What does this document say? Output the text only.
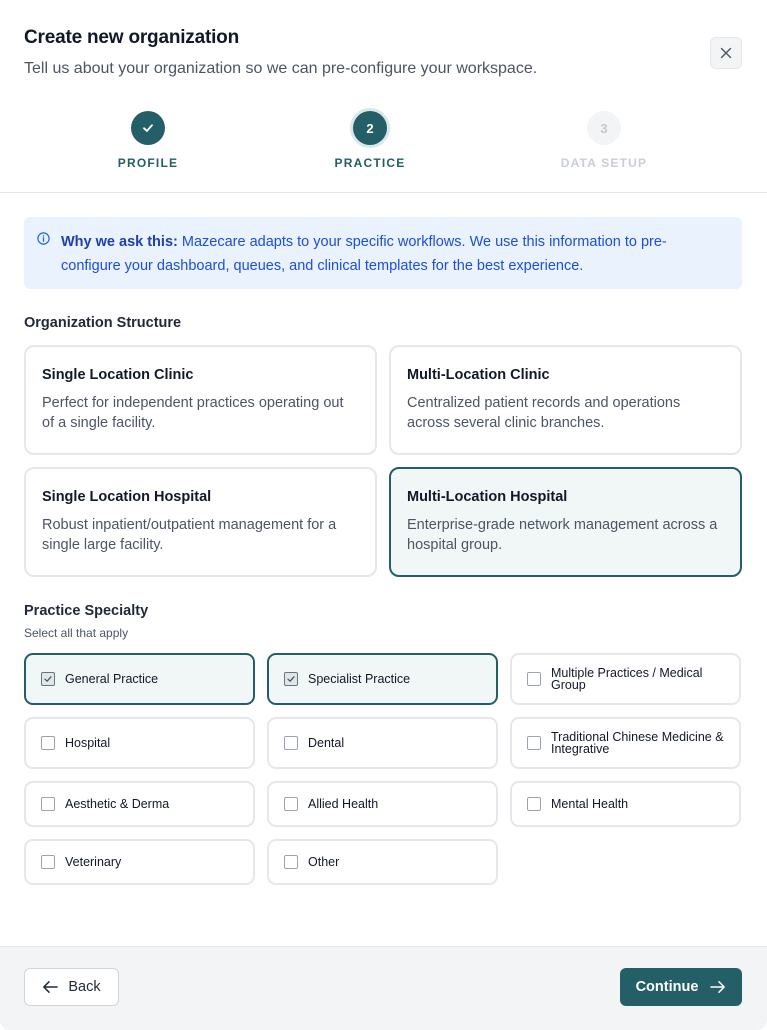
Create new organization
Tell us about your organization so we can pre-configure your workspace.
PROFILE
2
PRACTICE
3
DATA SETUP
Why we ask this: Mazecare adapts to your specific workflows. We use this information to pre-configure your dashboard, queues, and clinical templates for the best experience.
Organization Structure
Single Location Clinic
Perfect for independent practices operating out of a single facility.
Multi-Location Clinic
Centralized patient records and operations across several clinic branches.
Single Location Hospital
Robust inpatient/outpatient management for a single large facility.
Multi-Location Hospital
Enterprise-grade network management across a hospital group.
Practice Specialty
Select all that apply
General Practice	Specialist Practice	Multiple Practices / Medical Group
Hospital	Dental	Traditional Chinese Medicine & Integrative
Aesthetic & Derma	Allied Health	Mental Health
Veterinary	Other
Back	Continue
